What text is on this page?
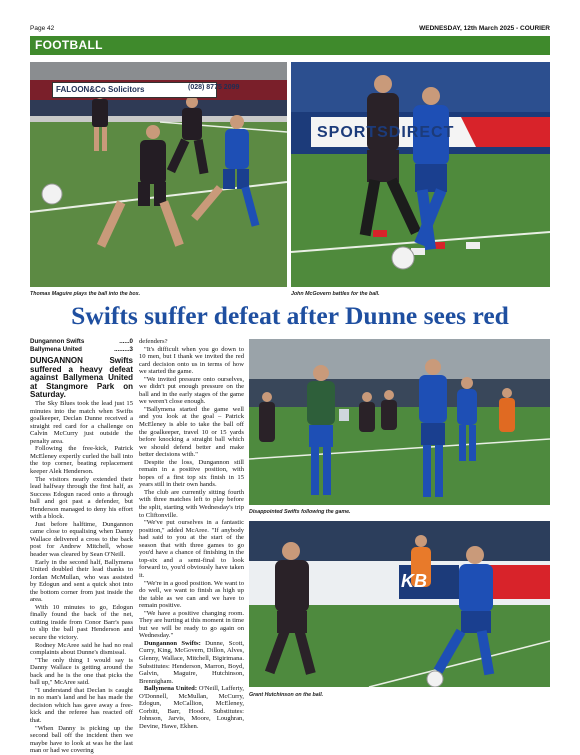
Page 42	WEDNESDAY, 12th March 2025 - COURIER
FOOTBALL
FALOON&Co Solicitors	(028) 8775 2099
Thomas Maguire plays the ball into the box.
SPORTSDIRECT
John McGovern battles for the ball.
Swifts suffer defeat after Dunne sees red
Dungannon Swifts	...... 0
Ballymena United	......... 3

DUNGANNON Swifts suffered a heavy defeat against Ballymena United at Stangmore Park on Saturday.

The Sky Blues took the lead just 15 minutes into the match when Swifts goalkeeper, Declan Dunne received a straight red card for a challenge on Calvin McCurry just outside the penalty area.

Following the free-kick, Patrick McEleney expertly curled the ball into the top corner, beating replacement keeper Alek Henderson.

The visitors nearly extended their lead halfway through the first half, as Success Edogun raced onto a through ball and got past a defender, but Henderson managed to deny his effort with a block.

Just before halftime, Dungannon came close to equalising when Danny Wallace delivered a cross to the back post for Andrew Mitchell, whose header was cleared by Sean O'Neill.

Early in the second half, Ballymena United doubled their lead thanks to Jordan McMullan, who was assisted by Edogun and sent a quick shot into the bottom corner from just inside the area.

With 10 minutes to go, Edogun finally found the back of the net, cutting inside from Conor Barr's pass to slip the ball past Henderson and secure the victory.

Rodney McAree said he had no real complaints about Dunne's dismissal.

"The only thing I would say is Danny Wallace is getting around the back and he is the one that picks the ball up," McAree said.

"I understand that Declan is caught in no man's land and he has made the decision which has gave away a free-kick and the referee has reacted off that.

"When Danny is picking up the second ball off the incident then we maybe have to look at was he the last man or had we covering

defenders?

"It's difficult when you go down to 10 men, but I thank we invited the red card decision onto us in terms of how we started the game.

"We invited pressure onto ourselves, we didn't put enough pressure on the ball and in the early stages of the game we weren't close enough.

"Ballymena started the game well and you look at the goal – Patrick McEleney is able to take the ball off the goalkeeper, travel 10 or 15 yards before knocking a straight ball which we should defend better and make better decisions with."

Despite the loss, Dungannon still remain in a positive position, with hopes of a first top six finish in 15 years still in their own hands.

The club are currently sitting fourth with three matches left to play before the split, starting with Wednesday's trip to Cliftonville.

"We've put ourselves in a fantastic position," added McAree. "If anybody had said to you at the start of the season that with three games to go you'd have a chance of finishing in the top-six and a semi-final to look forward to, you'd obviously have taken it.

"We're in a good position. We want to do well, we want to finish as high up the table as we can and we have to remain positive.

"We have a positive changing room. They are hurting at this moment in time but we will be ready to go again on Wednesday."

Dungannon Swifts: Dunne, Scott, Curry, King, McGovern, Dillon, Alves, Glenny, Wallace, Mitchell, Bigirimana. Substitutes: Henderson, Marron, Boyd, Galvin, Maguire, Hutchinson, Brennigham.

Ballymena United: O'Neill, Lafferty, O'Donnell, McMullan, McCurry, Edogun, McCallion, McEleney, Corbitt, Barr, Hood. Substitutes: Johnson, Jarvis, Moore, Loughran, Devine, Hawe, Ekhen.

Disappointed Swifts following the game.
KB
Grant Hutchinson on the ball.
